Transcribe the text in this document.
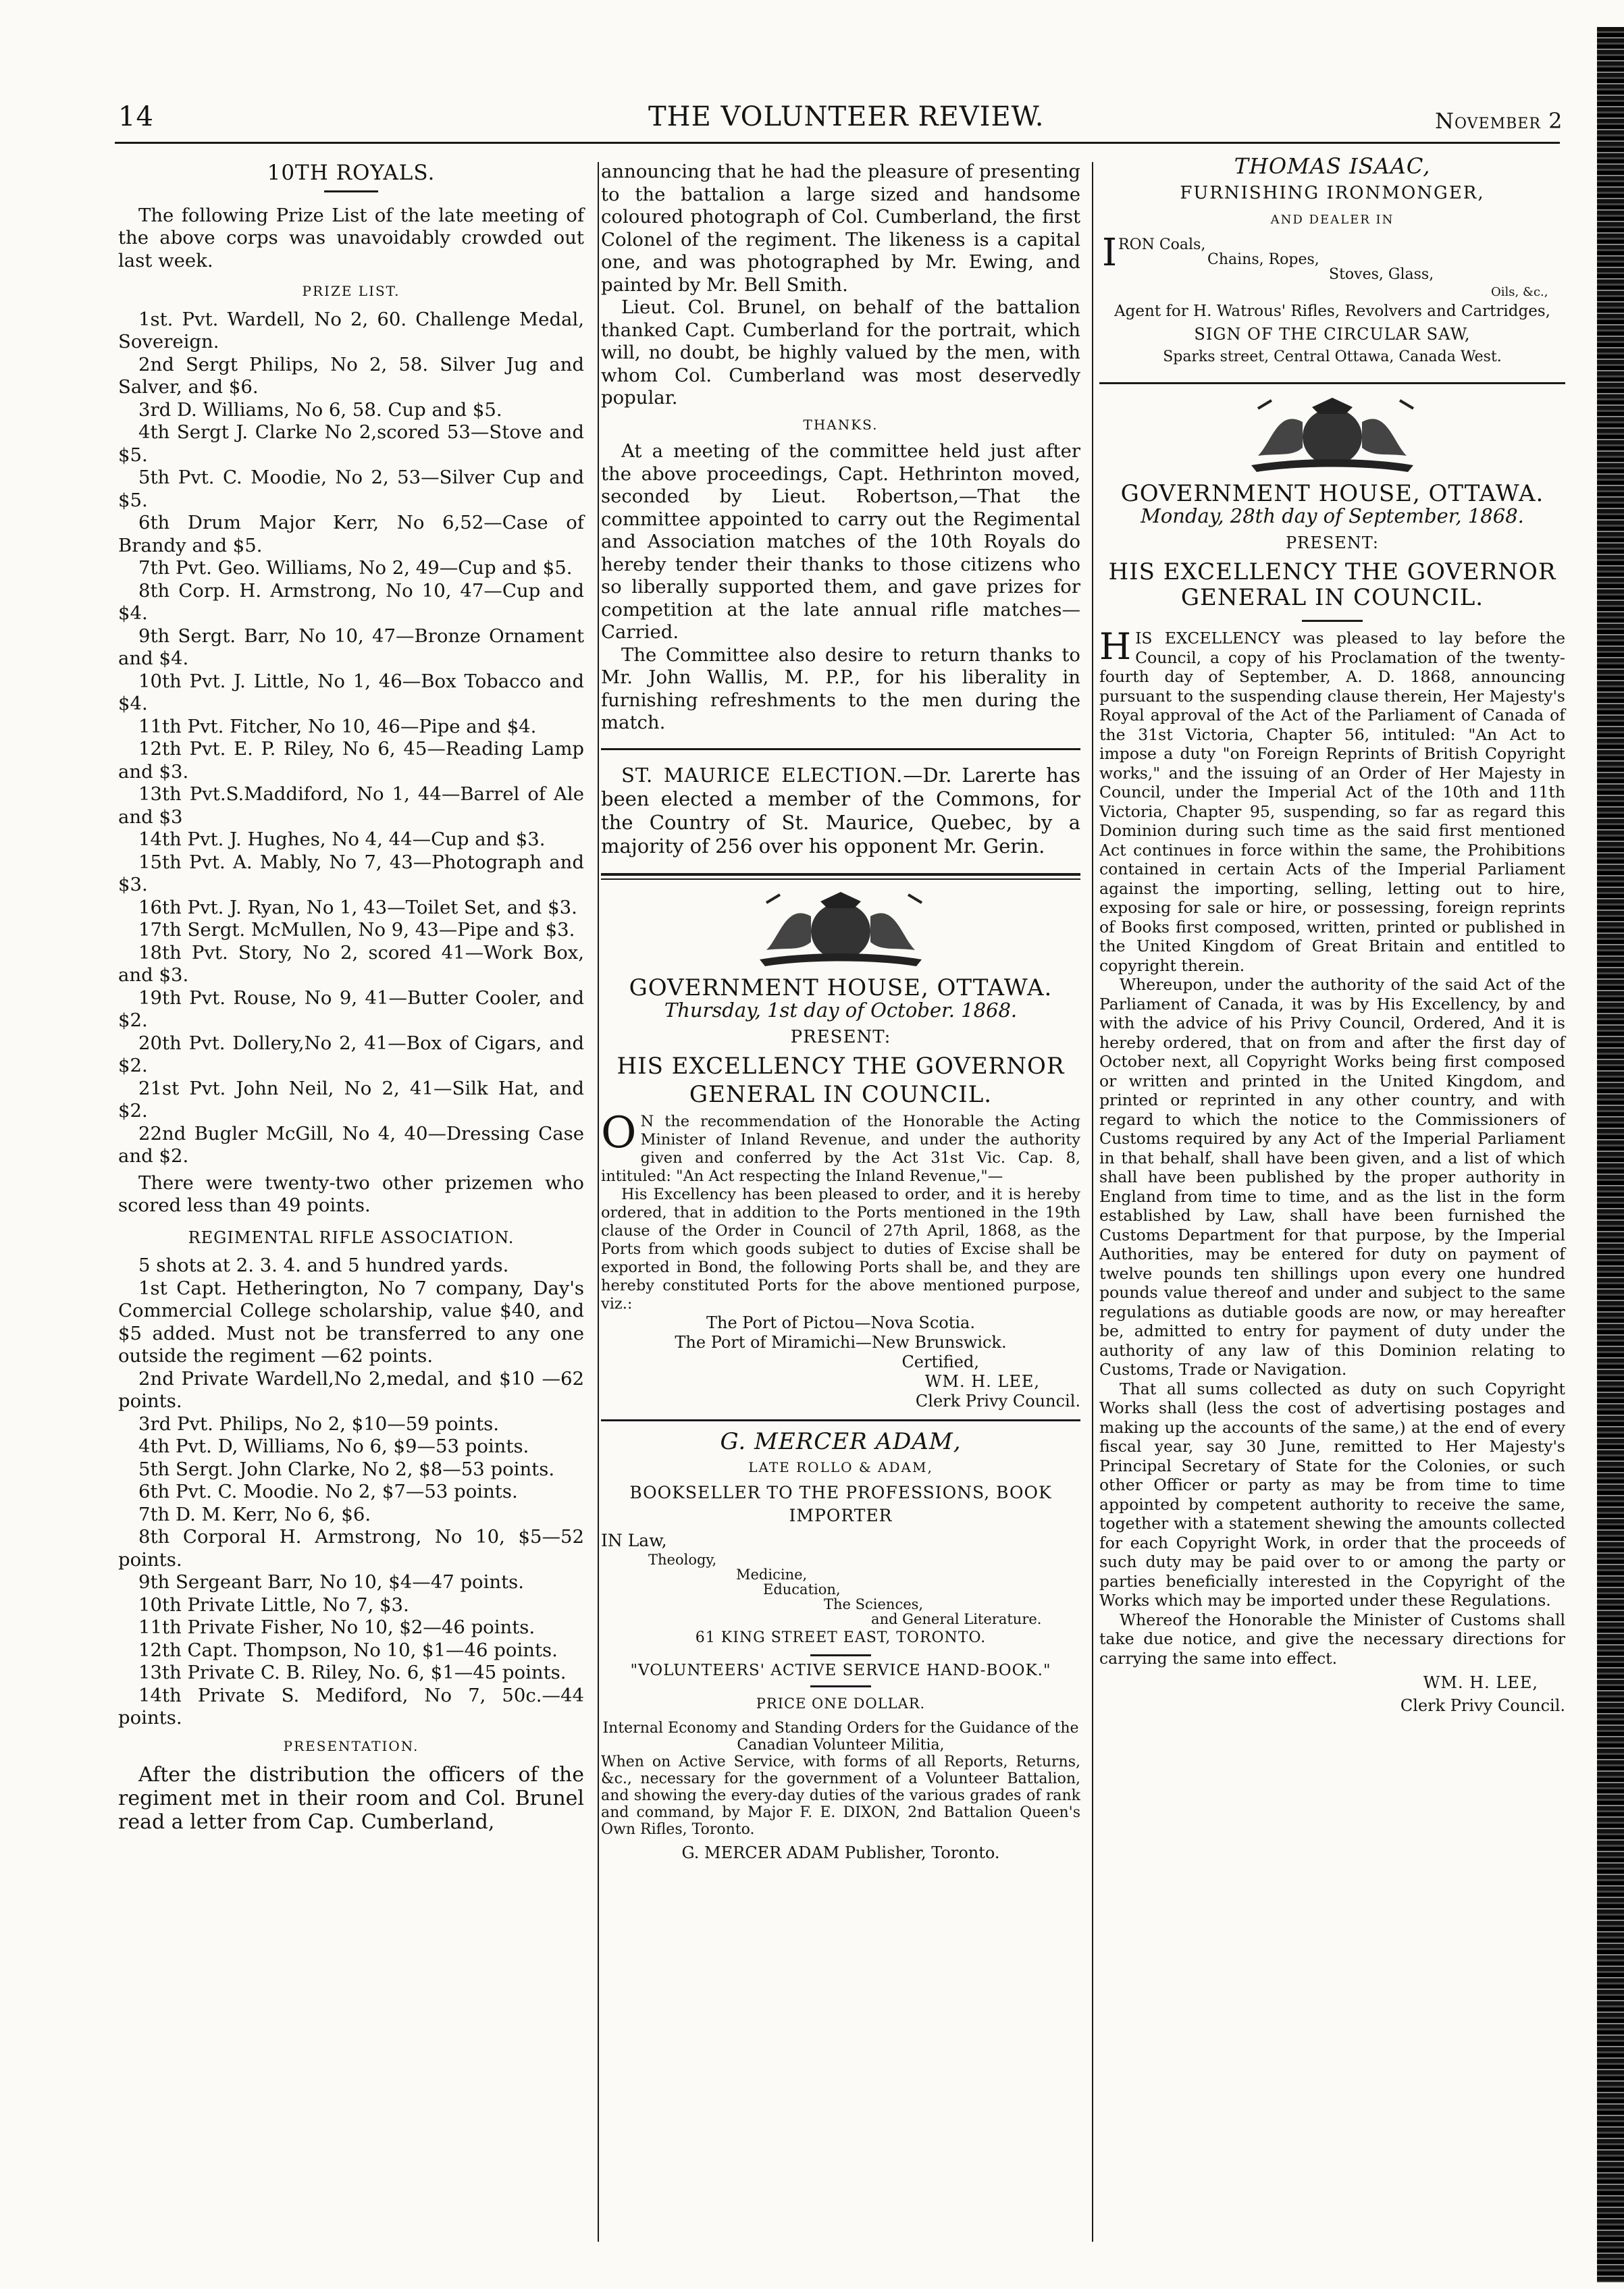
14	THE VOLUNTEER REVIEW.	November 2

10TH ROYALS.

The following Prize List of the late meeting of the above corps was unavoidably crowded out last week.

PRIZE LIST.

1st. Pvt. Wardell, No 2, 60. Challenge Medal, Sovereign.

2nd Sergt Philips, No 2, 58. Silver Jug and Salver, and $6.

3rd D. Williams, No 6, 58. Cup and $5.

4th Sergt J. Clarke No 2,scored 53—Stove and $5.

5th Pvt. C. Moodie, No 2, 53—Silver Cup and $5.

6th Drum Major Kerr, No 6,52—Case of Brandy and $5.

7th Pvt. Geo. Williams, No 2, 49—Cup and $5.

8th Corp. H. Armstrong, No 10, 47—Cup and $4.

9th Sergt. Barr, No 10, 47—Bronze Ornament and $4.

10th Pvt. J. Little, No 1, 46—Box Tobacco and $4.

11th Pvt. Fitcher, No 10, 46—Pipe and $4.

12th Pvt. E. P. Riley, No 6, 45—Reading Lamp and $3.

13th Pvt.S.Maddiford, No 1, 44—Barrel of Ale and $3

14th Pvt. J. Hughes, No 4, 44—Cup and $3.

15th Pvt. A. Mably, No 7, 43—Photograph and $3.

16th Pvt. J. Ryan, No 1, 43—Toilet Set, and $3.

17th Sergt. McMullen, No 9, 43—Pipe and $3.

18th Pvt. Story, No 2, scored 41—Work Box, and $3.

19th Pvt. Rouse, No 9, 41—Butter Cooler, and $2.

20th Pvt. Dollery,No 2, 41—Box of Cigars, and $2.

21st Pvt. John Neil, No 2, 41—Silk Hat, and $2.

22nd Bugler McGill, No 4, 40—Dressing Case and $2.

There were twenty-two other prizemen who scored less than 49 points.

REGIMENTAL RIFLE ASSOCIATION.

5 shots at 2. 3. 4. and 5 hundred yards.

1st Capt. Hetherington, No 7 company, Day's Commercial College scholarship, value $40, and $5 added. Must not be transferred to any one outside the regiment —62 points.

2nd Private Wardell,No 2,medal, and $10 —62 points.

3rd Pvt. Philips, No 2, $10—59 points.

4th Pvt. D, Williams, No 6, $9—53 points.

5th Sergt. John Clarke, No 2, $8—53 points.

6th Pvt. C. Moodie. No 2, $7—53 points.

7th D. M. Kerr, No 6, $6.

8th Corporal H. Armstrong, No 10, $5—52 points.

9th Sergeant Barr, No 10, $4—47 points.

10th Private Little, No 7, $3.

11th Private Fisher, No 10, $2—46 points.

12th Capt. Thompson, No 10, $1—46 points.

13th Private C. B. Riley, No. 6, $1—45 points.

14th Private S. Mediford, No 7, 50c.—44 points.

PRESENTATION.

After the distribution the officers of the regiment met in their room and Col. Brunel read a letter from Cap. Cumberland,

announcing that he had the pleasure of presenting to the battalion a large sized and handsome coloured photograph of Col. Cumberland, the first Colonel of the regiment. The likeness is a capital one, and was photographed by Mr. Ewing, and painted by Mr. Bell Smith.

Lieut. Col. Brunel, on behalf of the battalion thanked Capt. Cumberland for the portrait, which will, no doubt, be highly valued by the men, with whom Col. Cumberland was most deservedly popular.

THANKS.

At a meeting of the committee held just after the above proceedings, Capt. Hethrinton moved, seconded by Lieut. Robertson,—That the committee appointed to carry out the Regimental and Association matches of the 10th Royals do hereby tender their thanks to those citizens who so liberally supported them, and gave prizes for competition at the late annual rifle matches—Carried.

The Committee also desire to return thanks to Mr. John Wallis, M. P.P., for his liberality in furnishing refreshments to the men during the match.

ST. MAURICE ELECTION.—Dr. Larerte has been elected a member of the Commons, for the Country of St. Maurice, Quebec, by a majority of 256 over his opponent Mr. Gerin.

GOVERNMENT HOUSE, OTTAWA.

Thursday, 1st day of October. 1868.

PRESENT:

HIS EXCELLENCY THE GOVERNOR

GENERAL IN COUNCIL.

O N the recommendation of the Honorable the Acting Minister of Inland Revenue, and under the authority given and conferred by the Act 31st Vic. Cap. 8, intituled: "An Act respecting the Inland Revenue,"—

His Excellency has been pleased to order, and it is hereby ordered, that in addition to the Ports mentioned in the 19th clause of the Order in Council of 27th April, 1868, as the Ports from which goods subject to duties of Excise shall be exported in Bond, the following Ports shall be, and they are hereby constituted Ports for the above mentioned purpose, viz.:

The Port of Pictou—Nova Scotia.

The Port of Miramichi—New Brunswick.

Certified,

WM. H. LEE,

Clerk Privy Council.

G. MERCER ADAM,

LATE ROLLO & ADAM,

BOOKSELLER TO THE PROFESSIONS, BOOK IMPORTER

IN Law,

Theology,

Medicine,

Education,

The Sciences,

and General Literature.

61 KING STREET EAST, TORONTO.

"VOLUNTEERS' ACTIVE SERVICE HAND-BOOK."

PRICE ONE DOLLAR.

Internal Economy and Standing Orders for the Guidance of the Canadian Volunteer Militia,

When on Active Service, with forms of all Reports, Returns, &c., necessary for the government of a Volunteer Battalion, and showing the every-day duties of the various grades of rank and command, by Major F. E. DIXON, 2nd Battalion Queen's Own Rifles, Toronto.

G. MERCER ADAM Publisher, Toronto.

THOMAS ISAAC,

FURNISHING IRONMONGER,

AND DEALER IN

I RON Coals,
Chains, Ropes,
Stoves, Glass,
Oils, &c.,

Agent for H. Watrous' Rifles, Revolvers and Cartridges,

SIGN OF THE CIRCULAR SAW,

Sparks street, Central Ottawa, Canada West.

GOVERNMENT HOUSE, OTTAWA.

Monday, 28th day of September, 1868.

PRESENT:

HIS EXCELLENCY THE GOVERNOR

GENERAL IN COUNCIL.

H IS EXCELLENCY was pleased to lay before the Council, a copy of his Proclamation of the twenty-fourth day of September, A. D. 1868, announcing pursuant to the suspending clause therein, Her Majesty's Royal approval of the Act of the Parliament of Canada of the 31st Victoria, Chapter 56, intituled: "An Act to impose a duty "on Foreign Reprints of British Copyright works," and the issuing of an Order of Her Majesty in Council, under the Imperial Act of the 10th and 11th Victoria, Chapter 95, suspending, so far as regard this Dominion during such time as the said first mentioned Act continues in force within the same, the Prohibitions contained in certain Acts of the Imperial Parliament against the importing, selling, letting out to hire, exposing for sale or hire, or possessing, foreign reprints of Books first composed, written, printed or published in the United Kingdom of Great Britain and entitled to copyright therein.

Whereupon, under the authority of the said Act of the Parliament of Canada, it was by His Excellency, by and with the advice of his Privy Council, Ordered, And it is hereby ordered, that on from and after the first day of October next, all Copyright Works being first composed or written and printed in the United Kingdom, and printed or reprinted in any other country, and with regard to which the notice to the Commissioners of Customs required by any Act of the Imperial Parliament in that behalf, shall have been given, and a list of which shall have been published by the proper authority in England from time to time, and as the list in the form established by Law, shall have been furnished the Customs Department for that purpose, by the Imperial Authorities, may be entered for duty on payment of twelve pounds ten shillings upon every one hundred pounds value thereof and under and subject to the same regulations as dutiable goods are now, or may hereafter be, admitted to entry for payment of duty under the authority of any law of this Dominion relating to Customs, Trade or Navigation.

That all sums collected as duty on such Copyright Works shall (less the cost of advertising postages and making up the accounts of the same,) at the end of every fiscal year, say 30 June, remitted to Her Majesty's Principal Secretary of State for the Colonies, or such other Officer or party as may be from time to time appointed by competent authority to receive the same, together with a statement shewing the amounts collected for each Copyright Work, in order that the proceeds of such duty may be paid over to or among the party or parties beneficially interested in the Copyright of the Works which may be imported under these Regulations.

Whereof the Honorable the Minister of Customs shall take due notice, and give the necessary directions for carrying the same into effect.

WM. H. LEE,

Clerk Privy Council.
